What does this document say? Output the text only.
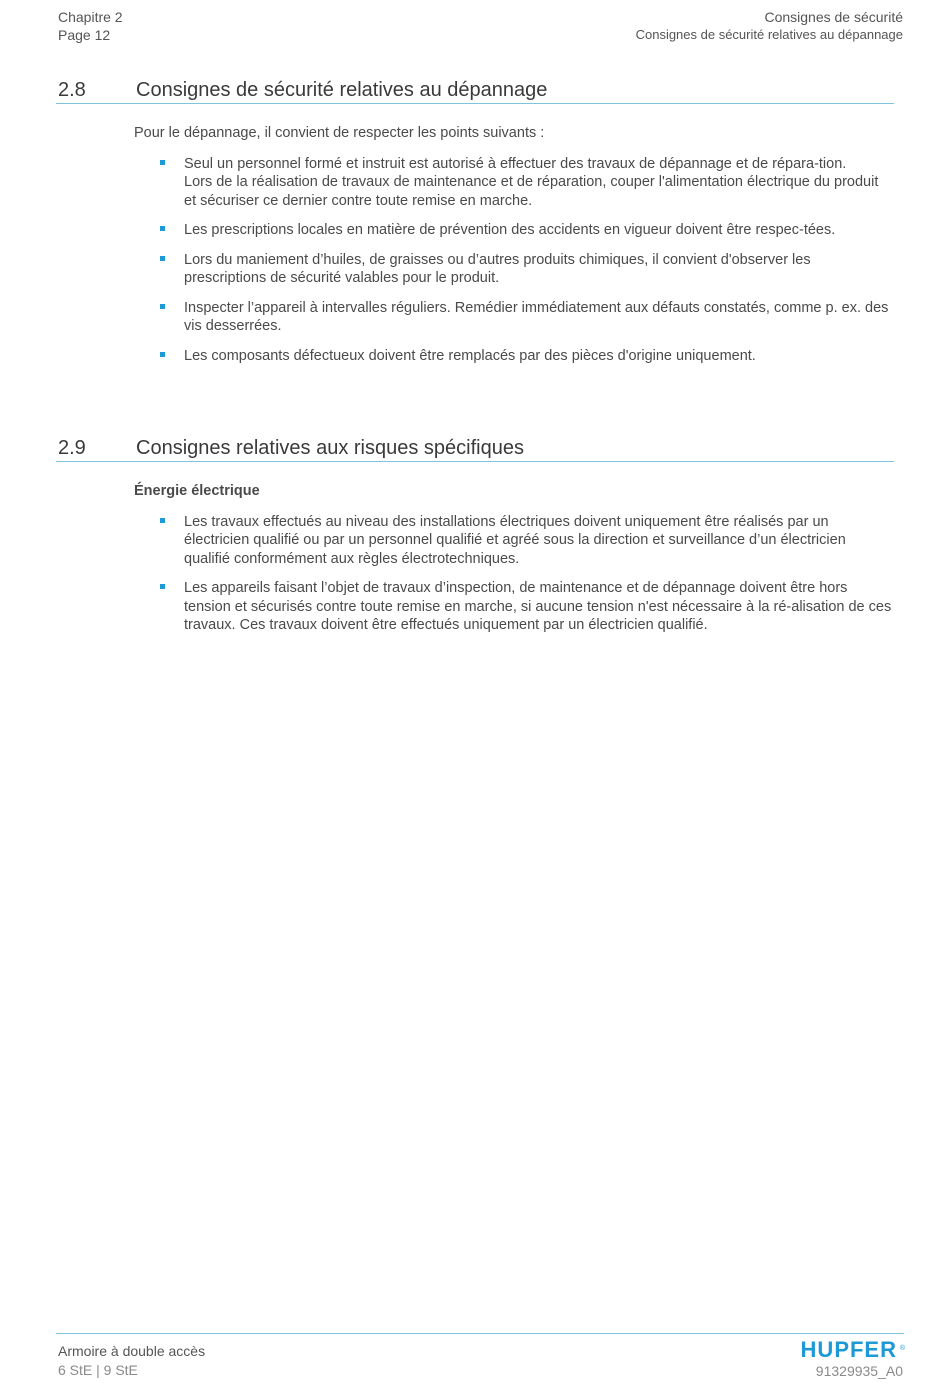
Chapitre 2
Page 12
Consignes de sécurité
Consignes de sécurité relatives au dépannage
2.8	Consignes de sécurité relatives au dépannage
Pour le dépannage, il convient de respecter les points suivants :
Seul un personnel formé et instruit est autorisé à effectuer des travaux de dépannage et de répara-tion.
Lors de la réalisation de travaux de maintenance et de réparation, couper l'alimentation électrique du produit et sécuriser ce dernier contre toute remise en marche.
Les prescriptions locales en matière de prévention des accidents en vigueur doivent être respec-tées.
Lors du maniement d’huiles, de graisses ou d’autres produits chimiques, il convient d'observer les prescriptions de sécurité valables pour le produit.
Inspecter l’appareil à intervalles réguliers. Remédier immédiatement aux défauts constatés, comme p. ex. des vis desserrées.
Les composants défectueux doivent être remplacés par des pièces d'origine uniquement.
2.9	Consignes relatives aux risques spécifiques
Énergie électrique
Les travaux effectués au niveau des installations électriques doivent uniquement être réalisés par un électricien qualifié ou par un personnel qualifié et agréé sous la direction et surveillance d’un électricien qualifié conformément aux règles électrotechniques.
Les appareils faisant l’objet de travaux d’inspection, de maintenance et de dépannage doivent être hors tension et sécurisés contre toute remise en marche, si aucune tension n'est nécessaire à la ré-alisation de ces travaux. Ces travaux doivent être effectués uniquement par un électricien qualifié.
Armoire à double accès
6 StE | 9 StE
HUPFER ®
91329935_A0
